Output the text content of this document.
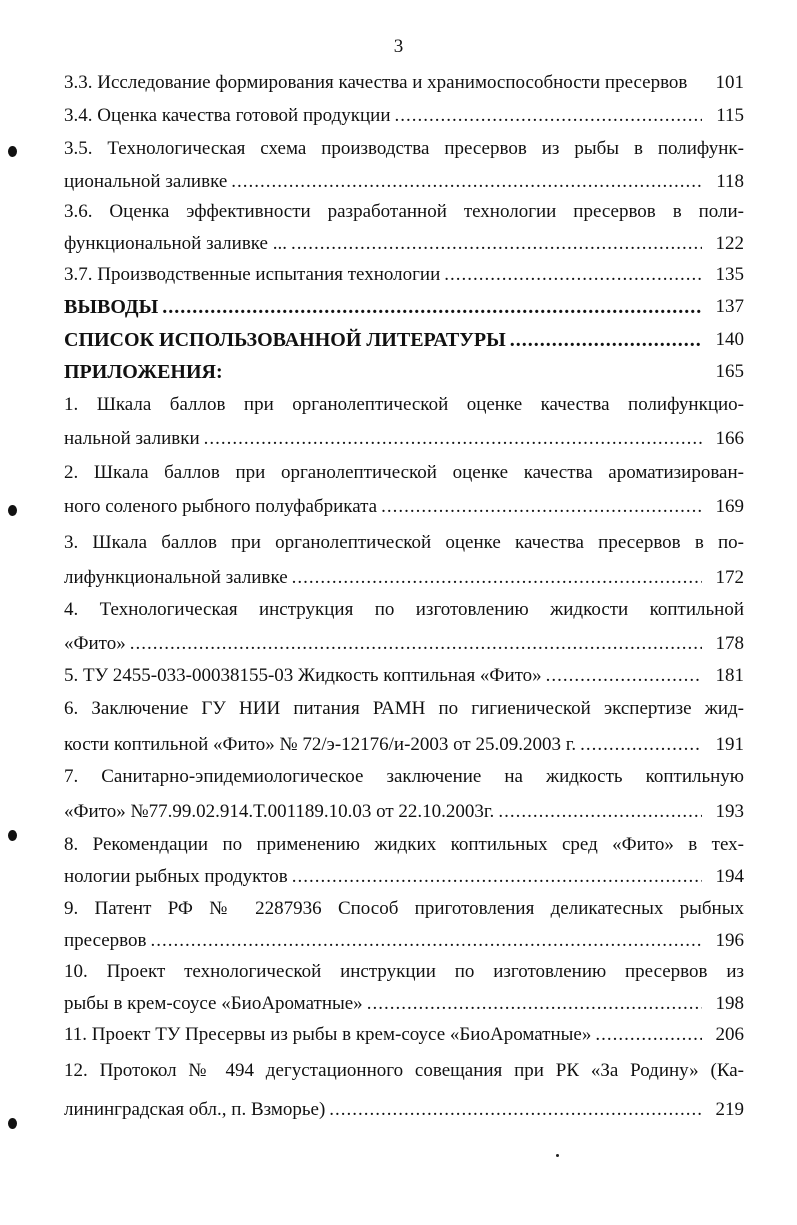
3
3.3. Исследование формирования качества и хранимоспособности пресервов	101
3.4. Оценка качества готовой продукции .....	115
3.5. Технологическая схема производства пресервов из рыбы в полифунк-
циональной заливке .....	118
3.6. Оценка эффективности разработанной технологии пресервов в поли-
функциональной заливке ... .....	122
3.7. Производственные испытания технологии .....	135
ВЫВОДЫ .....	137
СПИСОК ИСПОЛЬЗОВАННОЙ ЛИТЕРАТУРЫ .....	140
ПРИЛОЖЕНИЯ:	165
1. Шкала баллов при органолептической оценке качества полифункцио-
нальной заливки .....	166
2. Шкала баллов при органолептической оценке качества ароматизирован-
ного соленого рыбного полуфабриката .....	169
3. Шкала баллов при органолептической оценке качества пресервов в по-
лифункциональной заливке .....	172
4. Технологическая инструкция по изготовлению жидкости коптильной
«Фито» .....	178
5. ТУ 2455-033-00038155-03 Жидкость коптильная «Фито» .....	181
6. Заключение ГУ НИИ питания РАМН по гигиенической экспертизе жид-
кости коптильной «Фито» № 72/э-12176/и-2003 от 25.09.2003 г. .....	191
7. Санитарно-эпидемиологическое заключение на жидкость коптильную
«Фито» №77.99.02.914.Т.001189.10.03 от 22.10.2003г. .....	193
8. Рекомендации по применению жидких коптильных сред «Фито» в тех-
нологии рыбных продуктов .....	194
9. Патент РФ № 2287936 Способ приготовления деликатесных рыбных
пресервов .....	196
10. Проект технологической инструкции по изготовлению пресервов из
рыбы в крем-соусе «БиоАроматные» .....	198
11. Проект ТУ Пресервы из рыбы в крем-соусе «БиоАроматные» .....	206
12. Протокол № 494 дегустационного совещания при РК «За Родину» (Ка-
лининградская обл., п. Взморье) .....	219
